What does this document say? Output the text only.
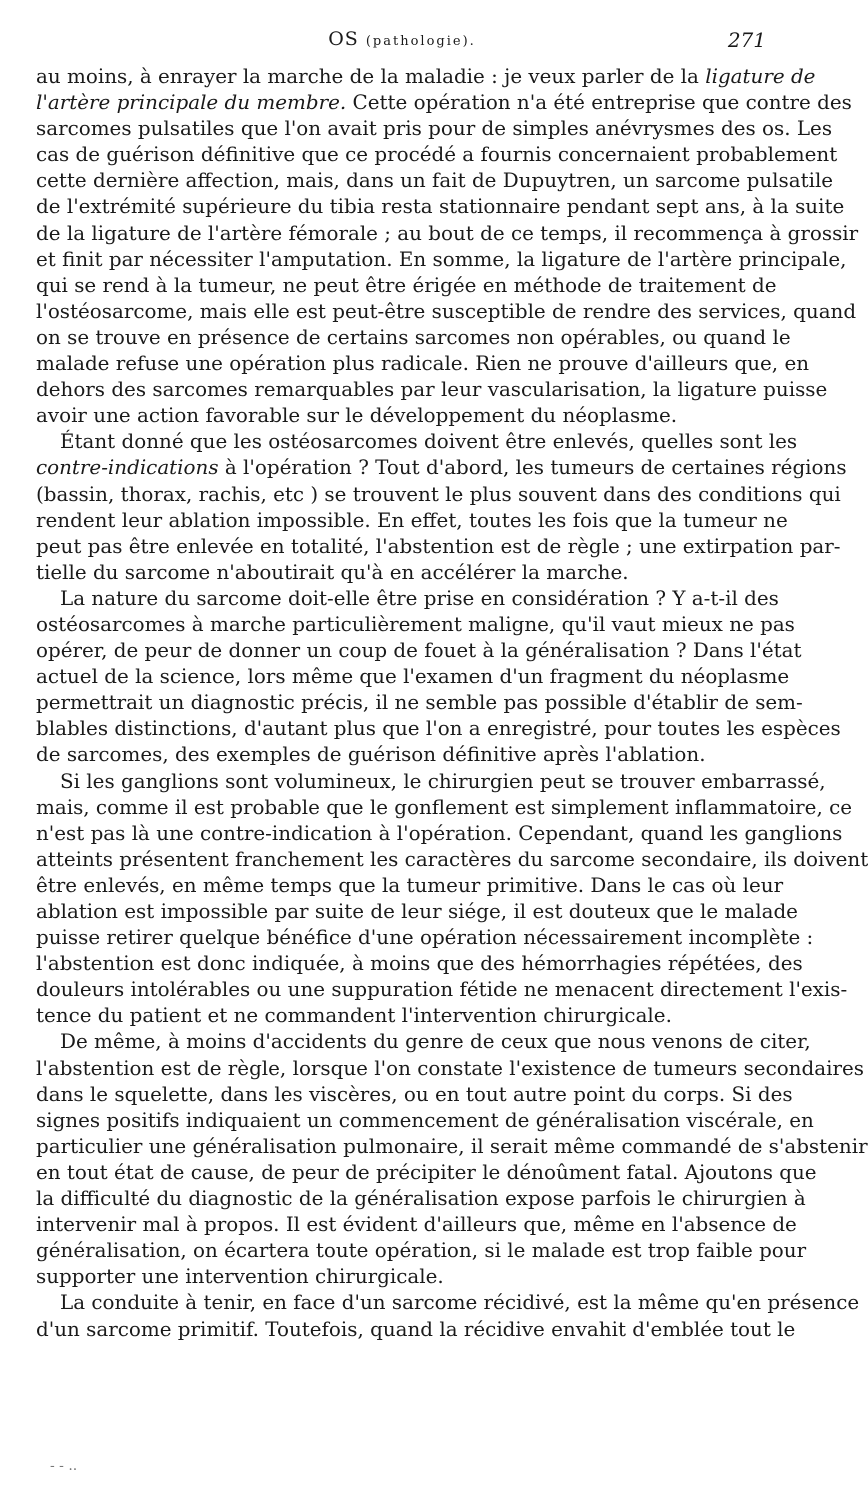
OS (pathologie).	271
au moins, à enrayer la marche de la maladie : je veux parler de la ligature de
l'artère principale du membre. Cette opération n'a été entreprise que contre des
sarcomes pulsatiles que l'on avait pris pour de simples anévrysmes des os. Les
cas de guérison définitive que ce procédé a fournis concernaient probablement
cette dernière affection, mais, dans un fait de Dupuytren, un sarcome pulsatile
de l'extrémité supérieure du tibia resta stationnaire pendant sept ans, à la suite
de la ligature de l'artère fémorale ; au bout de ce temps, il recommença à grossir
et finit par nécessiter l'amputation. En somme, la ligature de l'artère principale,
qui se rend à la tumeur, ne peut être érigée en méthode de traitement de
l'ostéosarcome, mais elle est peut-être susceptible de rendre des services, quand
on se trouve en présence de certains sarcomes non opérables, ou quand le
malade refuse une opération plus radicale. Rien ne prouve d'ailleurs que, en
dehors des sarcomes remarquables par leur vascularisation, la ligature puisse
avoir une action favorable sur le développement du néoplasme.
Étant donné que les ostéosarcomes doivent être enlevés, quelles sont les
contre-indications à l'opération ? Tout d'abord, les tumeurs de certaines régions
(bassin, thorax, rachis, etc ) se trouvent le plus souvent dans des conditions qui
rendent leur ablation impossible. En effet, toutes les fois que la tumeur ne
peut pas être enlevée en totalité, l'abstention est de règle ; une extirpation par-
tielle du sarcome n'aboutirait qu'à en accélérer la marche.
La nature du sarcome doit-elle être prise en considération ? Y a-t-il des
ostéosarcomes à marche particulièrement maligne, qu'il vaut mieux ne pas
opérer, de peur de donner un coup de fouet à la généralisation ? Dans l'état
actuel de la science, lors même que l'examen d'un fragment du néoplasme
permettrait un diagnostic précis, il ne semble pas possible d'établir de sem-
blables distinctions, d'autant plus que l'on a enregistré, pour toutes les espèces
de sarcomes, des exemples de guérison définitive après l'ablation.
Si les ganglions sont volumineux, le chirurgien peut se trouver embarrassé,
mais, comme il est probable que le gonflement est simplement inflammatoire, ce
n'est pas là une contre-indication à l'opération. Cependant, quand les ganglions
atteints présentent franchement les caractères du sarcome secondaire, ils doivent
être enlevés, en même temps que la tumeur primitive. Dans le cas où leur
ablation est impossible par suite de leur siége, il est douteux que le malade
puisse retirer quelque bénéfice d'une opération nécessairement incomplète :
l'abstention est donc indiquée, à moins que des hémorrhagies répétées, des
douleurs intolérables ou une suppuration fétide ne menacent directement l'exis-
tence du patient et ne commandent l'intervention chirurgicale.
De même, à moins d'accidents du genre de ceux que nous venons de citer,
l'abstention est de règle, lorsque l'on constate l'existence de tumeurs secondaires
dans le squelette, dans les viscères, ou en tout autre point du corps. Si des
signes positifs indiquaient un commencement de généralisation viscérale, en
particulier une généralisation pulmonaire, il serait même commandé de s'abstenir
en tout état de cause, de peur de précipiter le dénoûment fatal. Ajoutons que
la difficulté du diagnostic de la généralisation expose parfois le chirurgien à
intervenir mal à propos. Il est évident d'ailleurs que, même en l'absence de
généralisation, on écartera toute opération, si le malade est trop faible pour
supporter une intervention chirurgicale.
La conduite à tenir, en face d'un sarcome récidivé, est la même qu'en présence
d'un sarcome primitif. Toutefois, quand la récidive envahit d'emblée tout le
- - ..
